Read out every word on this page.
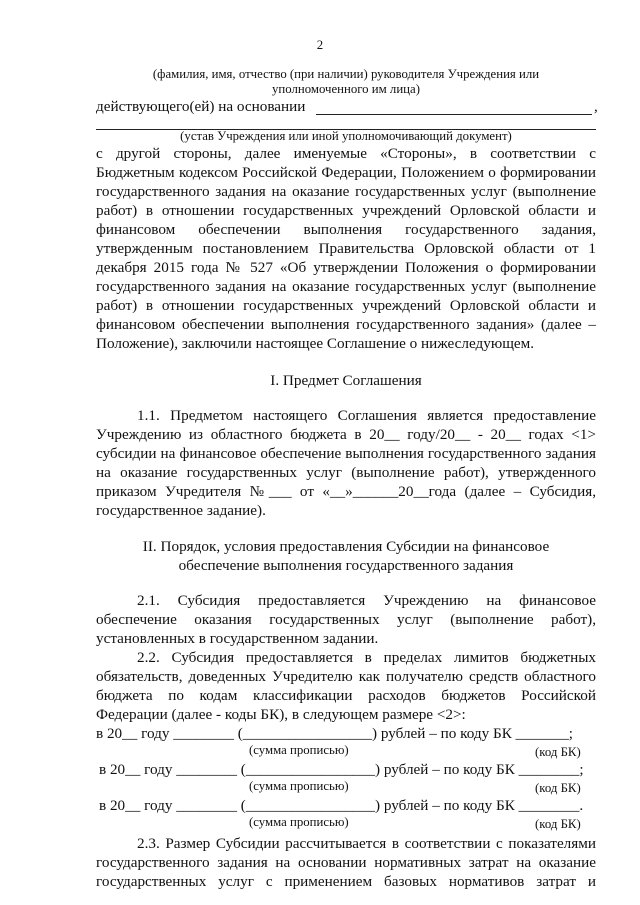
2
(фамилия, имя, отчество (при наличии) руководителя Учреждения или
уполномоченного им лица)
действующего(ей) на основании	,
(устав Учреждения или иной уполномочивающий документ)
с другой стороны, далее именуемые «Стороны», в соответствии с
Бюджетным кодексом Российской Федерации, Положением о формировании
государственного задания на оказание государственных услуг (выполнение
работ) в отношении государственных учреждений Орловской области и
финансовом обеспечении выполнения государственного задания,
утвержденным постановлением Правительства Орловской области от 1
декабря 2015 года № 527 «Об утверждении Положения о формировании
государственного задания на оказание государственных услуг (выполнение
работ) в отношении государственных учреждений Орловской области и
финансовом обеспечении выполнения государственного задания» (далее –
Положение), заключили настоящее Соглашение о нижеследующем.
I. Предмет Соглашения
1.1. Предметом настоящего Соглашения является предоставление
Учреждению из областного бюджета в 20__ году/20__ - 20__ годах <1>
субсидии на финансовое обеспечение выполнения государственного задания
на оказание государственных услуг (выполнение работ), утвержденного
приказом Учредителя №___ от «__»______20__года (далее – Субсидия,
государственное задание).
II. Порядок, условия предоставления Субсидии на финансовое
обеспечение выполнения государственного задания
2.1. Субсидия предоставляется Учреждению на финансовое
обеспечение оказания государственных услуг (выполнение работ),
установленных в государственном задании.
2.2. Субсидия предоставляется в пределах лимитов бюджетных
обязательств, доведенных Учредителю как получателю средств областного
бюджета по кодам классификации расходов бюджетов Российской
Федерации (далее - коды БК), в следующем размере <2>:
в 20__ году ________ (_________________) рублей – по коду БК _______;
(сумма прописью)	(код БК)
в 20__ году ________ (_________________) рублей – по коду БК ________;
(сумма прописью)	(код БК)
в 20__ году ________ (_________________) рублей – по коду БК ________.
(сумма прописью)	(код БК)
2.3. Размер Субсидии рассчитывается в соответствии с показателями
государственного задания на основании нормативных затрат на оказание
государственных услуг с применением базовых нормативов затрат и
